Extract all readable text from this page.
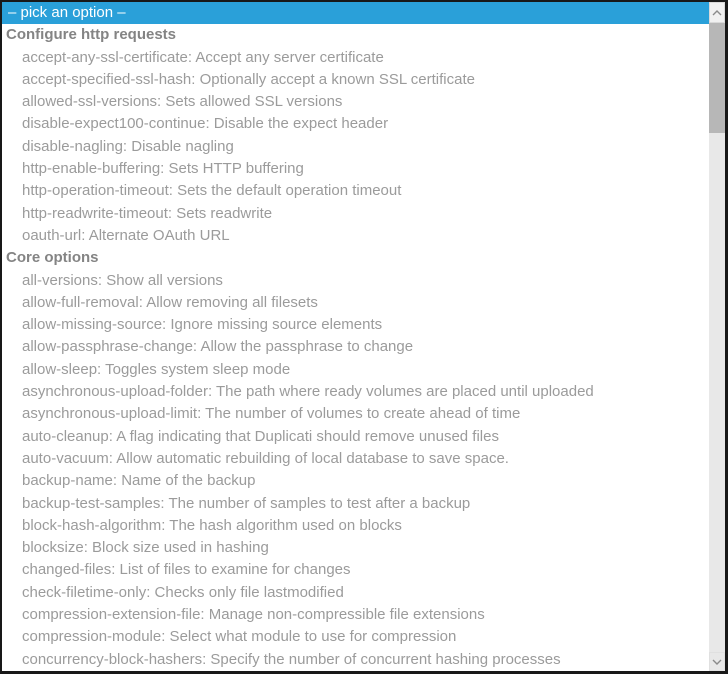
– pick an option –
Configure http requests
accept-any-ssl-certificate: Accept any server certificate
accept-specified-ssl-hash: Optionally accept a known SSL certificate
allowed-ssl-versions: Sets allowed SSL versions
disable-expect100-continue: Disable the expect header
disable-nagling: Disable nagling
http-enable-buffering: Sets HTTP buffering
http-operation-timeout: Sets the default operation timeout
http-readwrite-timeout: Sets readwrite
oauth-url: Alternate OAuth URL
Core options
all-versions: Show all versions
allow-full-removal: Allow removing all filesets
allow-missing-source: Ignore missing source elements
allow-passphrase-change: Allow the passphrase to change
allow-sleep: Toggles system sleep mode
asynchronous-upload-folder: The path where ready volumes are placed until uploaded
asynchronous-upload-limit: The number of volumes to create ahead of time
auto-cleanup: A flag indicating that Duplicati should remove unused files
auto-vacuum: Allow automatic rebuilding of local database to save space.
backup-name: Name of the backup
backup-test-samples: The number of samples to test after a backup
block-hash-algorithm: The hash algorithm used on blocks
blocksize: Block size used in hashing
changed-files: List of files to examine for changes
check-filetime-only: Checks only file lastmodified
compression-extension-file: Manage non-compressible file extensions
compression-module: Select what module to use for compression
concurrency-block-hashers: Specify the number of concurrent hashing processes
